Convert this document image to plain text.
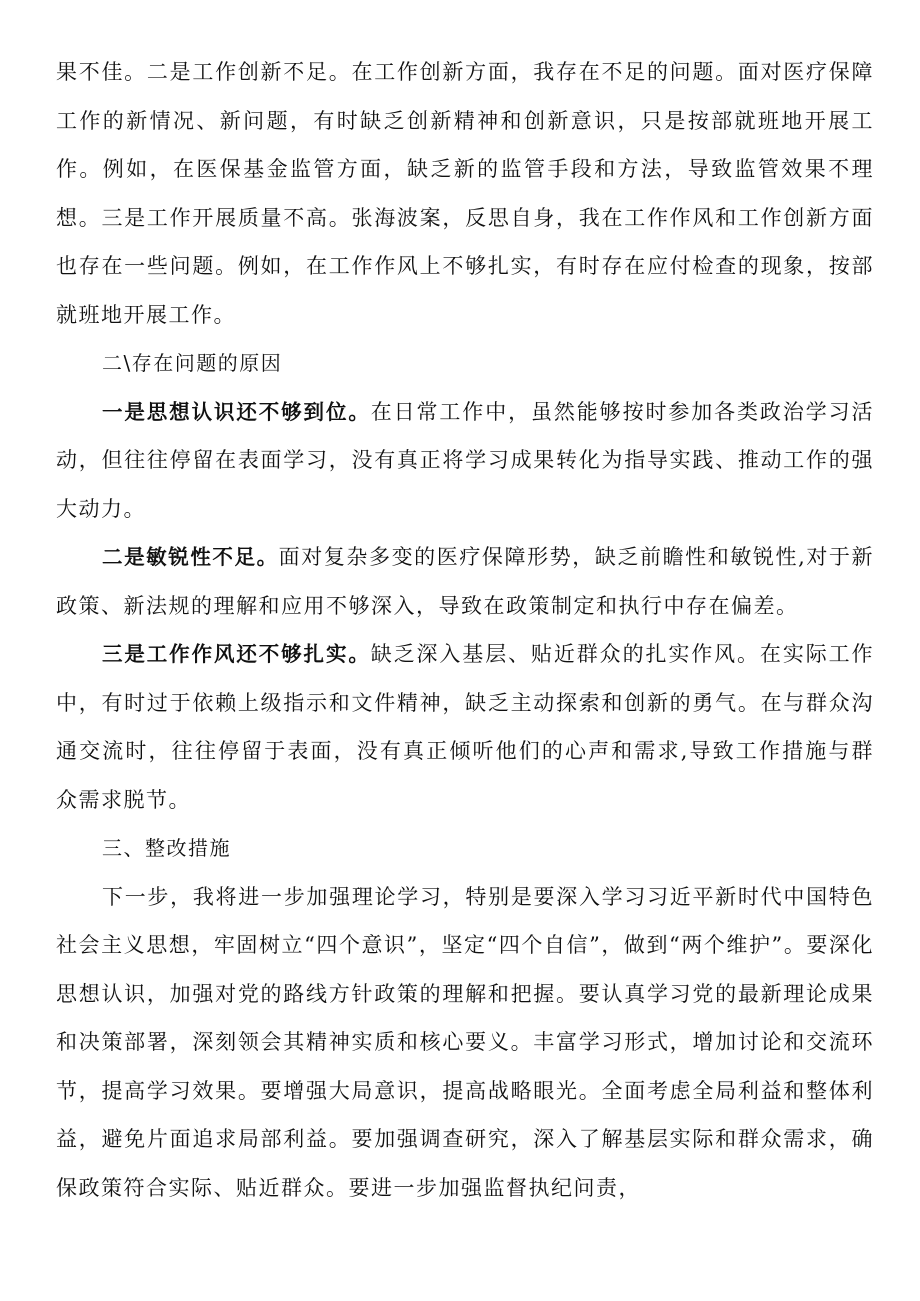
果不佳。二是工作创新不足。在工作创新方面，我存在不足的问题。面对医疗保障工作的新情况、新问题，有时缺乏创新精神和创新意识，只是按部就班地开展工作。例如，在医保基金监管方面，缺乏新的监管手段和方法，导致监管效果不理想。三是工作开展质量不高。张海波案，反思自身，我在工作作风和工作创新方面也存在一些问题。例如，在工作作风上不够扎实，有时存在应付检查的现象，按部就班地开展工作。

二\存在问题的原因

一是思想认识还不够到位。在日常工作中，虽然能够按时参加各类政治学习活动，但往往停留在表面学习，没有真正将学习成果转化为指导实践、推动工作的强大动力。

二是敏锐性不足。面对复杂多变的医疗保障形势，缺乏前瞻性和敏锐性,对于新政策、新法规的理解和应用不够深入，导致在政策制定和执行中存在偏差。

三是工作作风还不够扎实。缺乏深入基层、贴近群众的扎实作风。在实际工作中，有时过于依赖上级指示和文件精神，缺乏主动探索和创新的勇气。在与群众沟通交流时，往往停留于表面，没有真正倾听他们的心声和需求,导致工作措施与群众需求脱节。

三、整改措施

下一步，我将进一步加强理论学习，特别是要深入学习习近平新时代中国特色社会主义思想，牢固树立“四个意识”，坚定“四个自信”，做到“两个维护”。要深化思想认识，加强对党的路线方针政策的理解和把握。要认真学习党的最新理论成果和决策部署，深刻领会其精神实质和核心要义。丰富学习形式，增加讨论和交流环节，提高学习效果。要增强大局意识，提高战略眼光。全面考虑全局利益和整体利益，避免片面追求局部利益。要加强调查研究，深入了解基层实际和群众需求，确保政策符合实际、贴近群众。要进一步加强监督执纪问责，
